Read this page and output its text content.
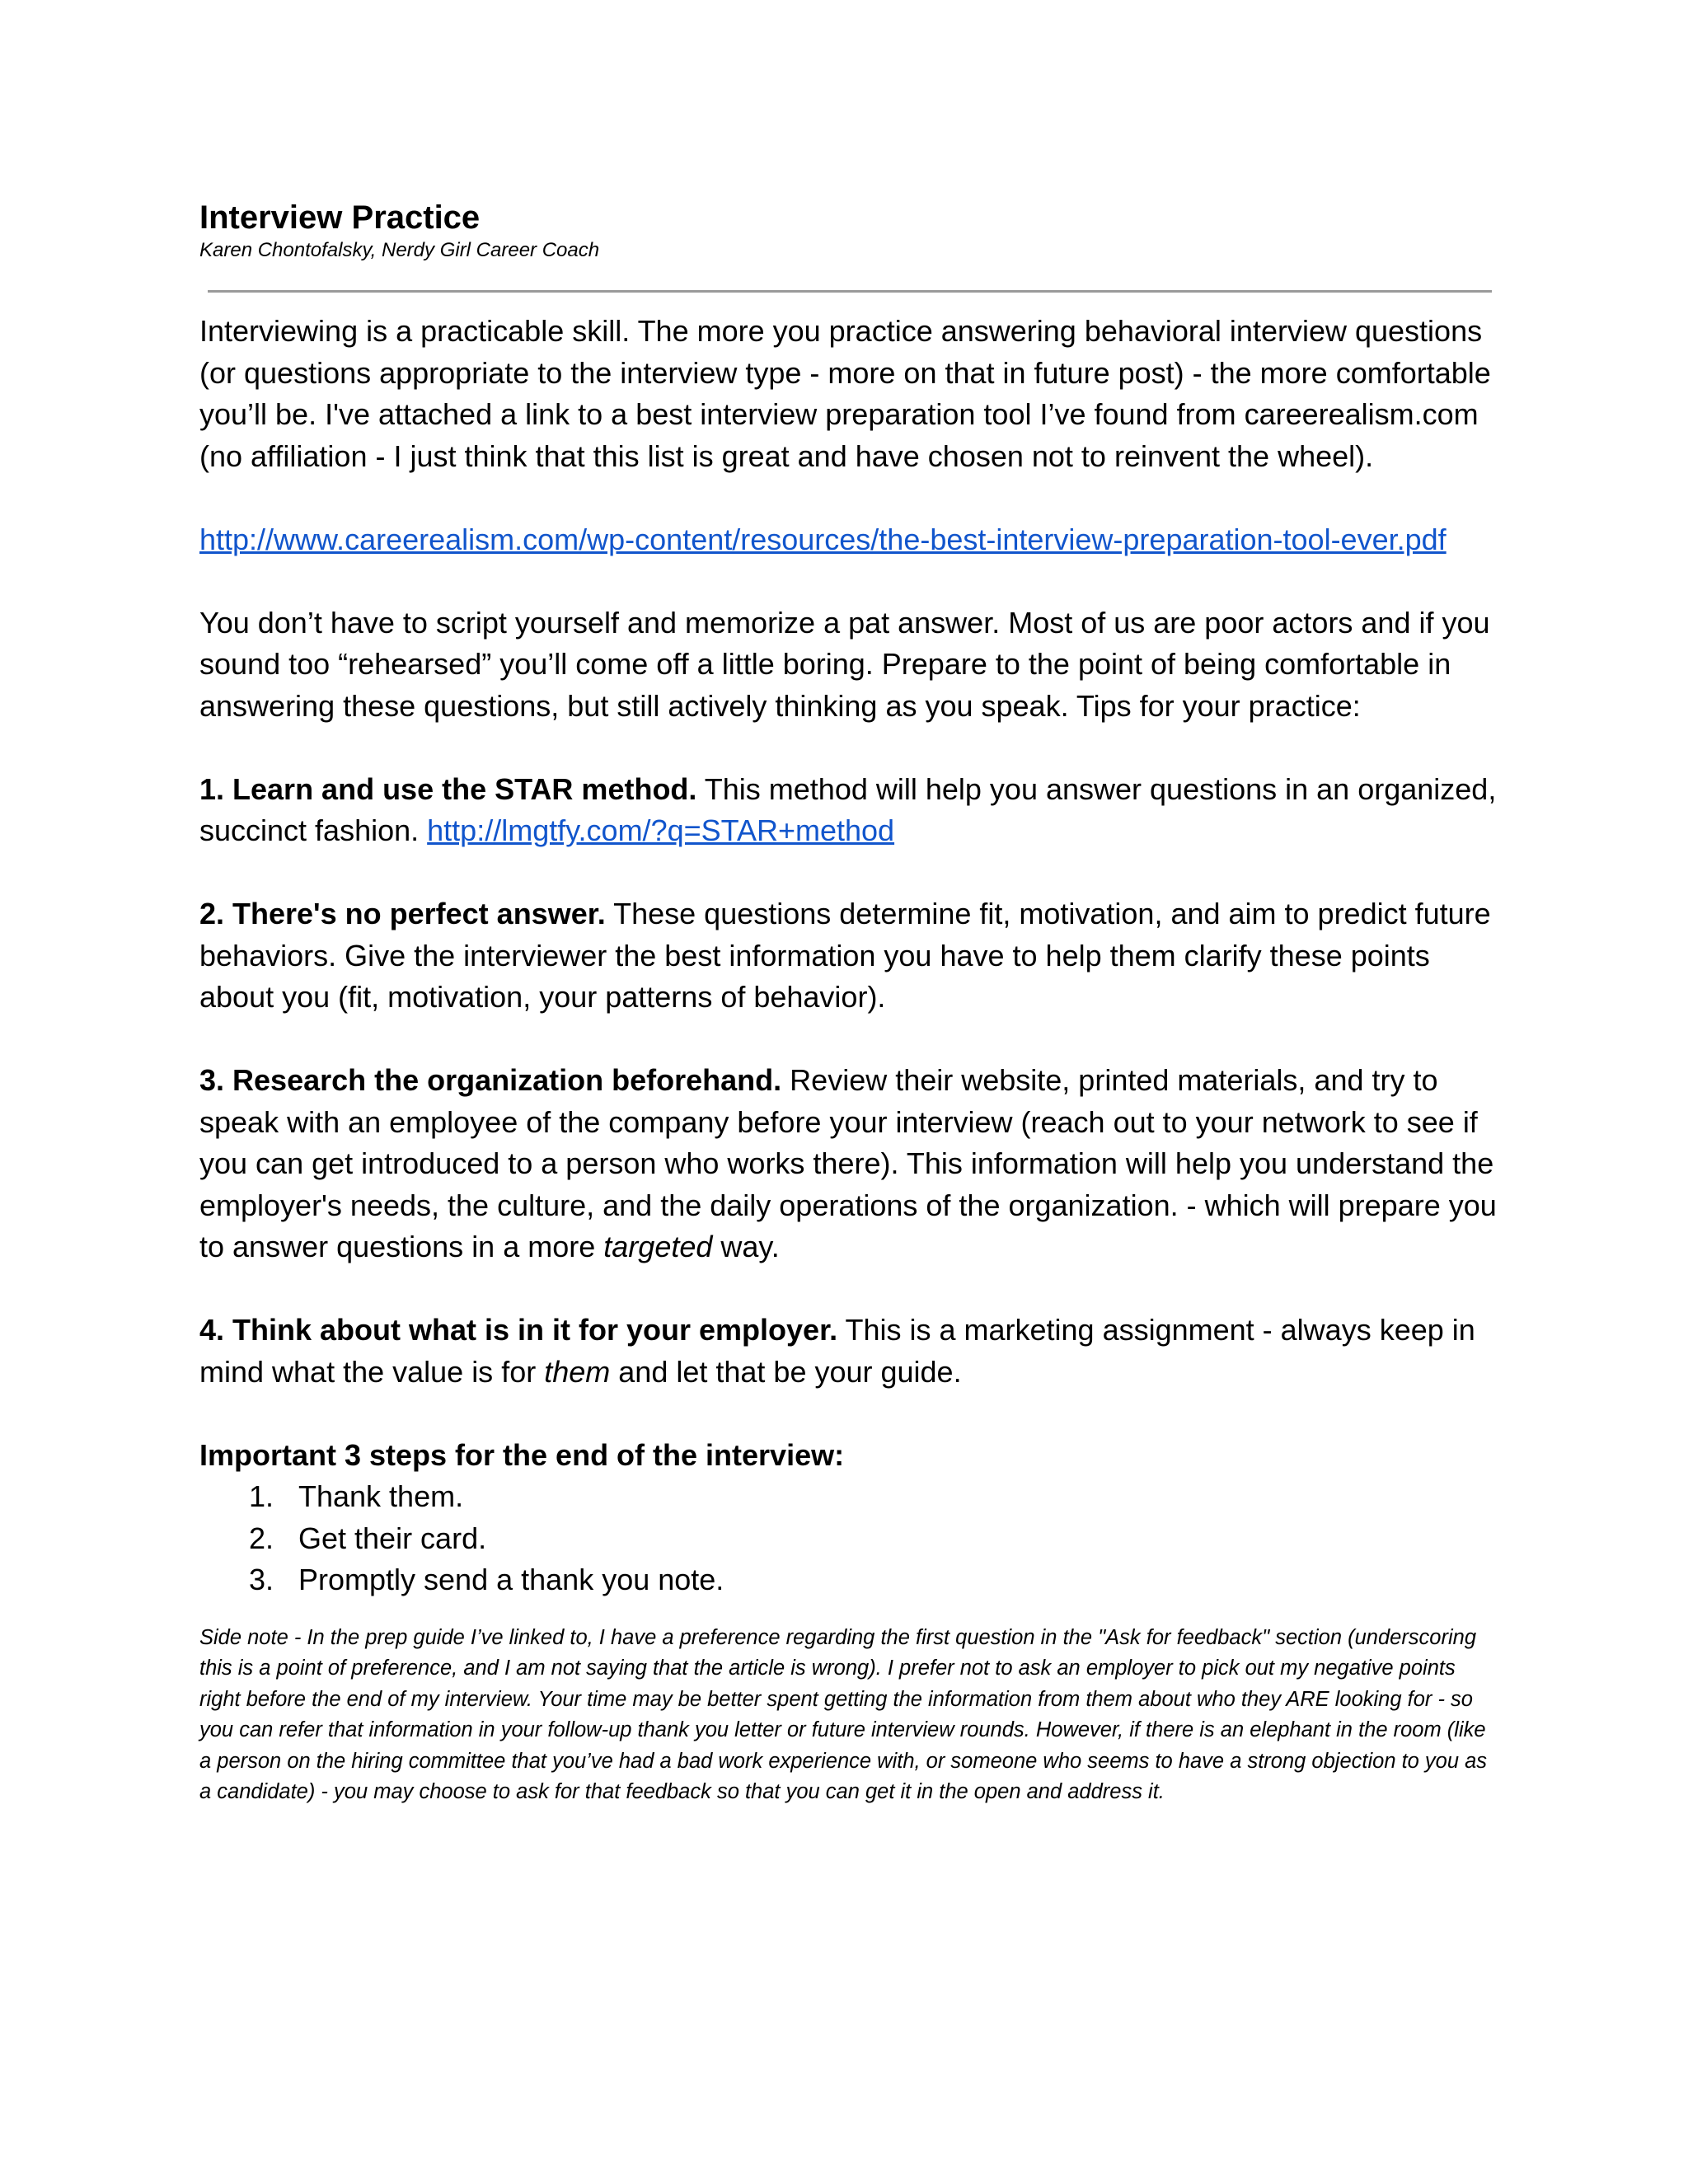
Interview Practice

Karen Chontofalsky, Nerdy Girl Career Coach

Interviewing is a practicable skill. The more you practice answering behavioral interview questions (or questions appropriate to the interview type - more on that in future post) - the more comfortable you’ll be. I've attached a link to a best interview preparation tool I’ve found from careerealism.com (no affiliation - I just think that this list is great and have chosen not to reinvent the wheel).

http://www.careerealism.com/wp-content/resources/the-best-interview-preparation-tool-ever.pdf

You don’t have to script yourself and memorize a pat answer. Most of us are poor actors and if you sound too “rehearsed” you’ll come off a little boring. Prepare to the point of being comfortable in answering these questions, but still actively thinking as you speak. Tips for your practice:

1. Learn and use the STAR method. This method will help you answer questions in an organized, succinct fashion. http://lmgtfy.com/?q=STAR+method

2. There's no perfect answer. These questions determine fit, motivation, and aim to predict future behaviors. Give the interviewer the best information you have to help them clarify these points about you (fit, motivation, your patterns of behavior).

3. Research the organization beforehand. Review their website, printed materials, and try to speak with an employee of the company before your interview (reach out to your network to see if you can get introduced to a person who works there). This information will help you understand the employer's needs, the culture, and the daily operations of the organization. - which will prepare you to answer questions in a more targeted way.

4. Think about what is in it for your employer. This is a marketing assignment - always keep in mind what the value is for them and let that be your guide.

Important 3 steps for the end of the interview:
1. Thank them.
2. Get their card.
3. Promptly send a thank you note.

Side note - In the prep guide I’ve linked to, I have a preference regarding the first question in the "Ask for feedback" section (underscoring this is a point of preference, and I am not saying that the article is wrong). I prefer not to ask an employer to pick out my negative points right before the end of my interview. Your time may be better spent getting the information from them about who they ARE looking for - so you can refer that information in your follow-up thank you letter or future interview rounds. However, if there is an elephant in the room (like a person on the hiring committee that you’ve had a bad work experience with, or someone who seems to have a strong objection to you as a candidate) - you may choose to ask for that feedback so that you can get it in the open and address it.
